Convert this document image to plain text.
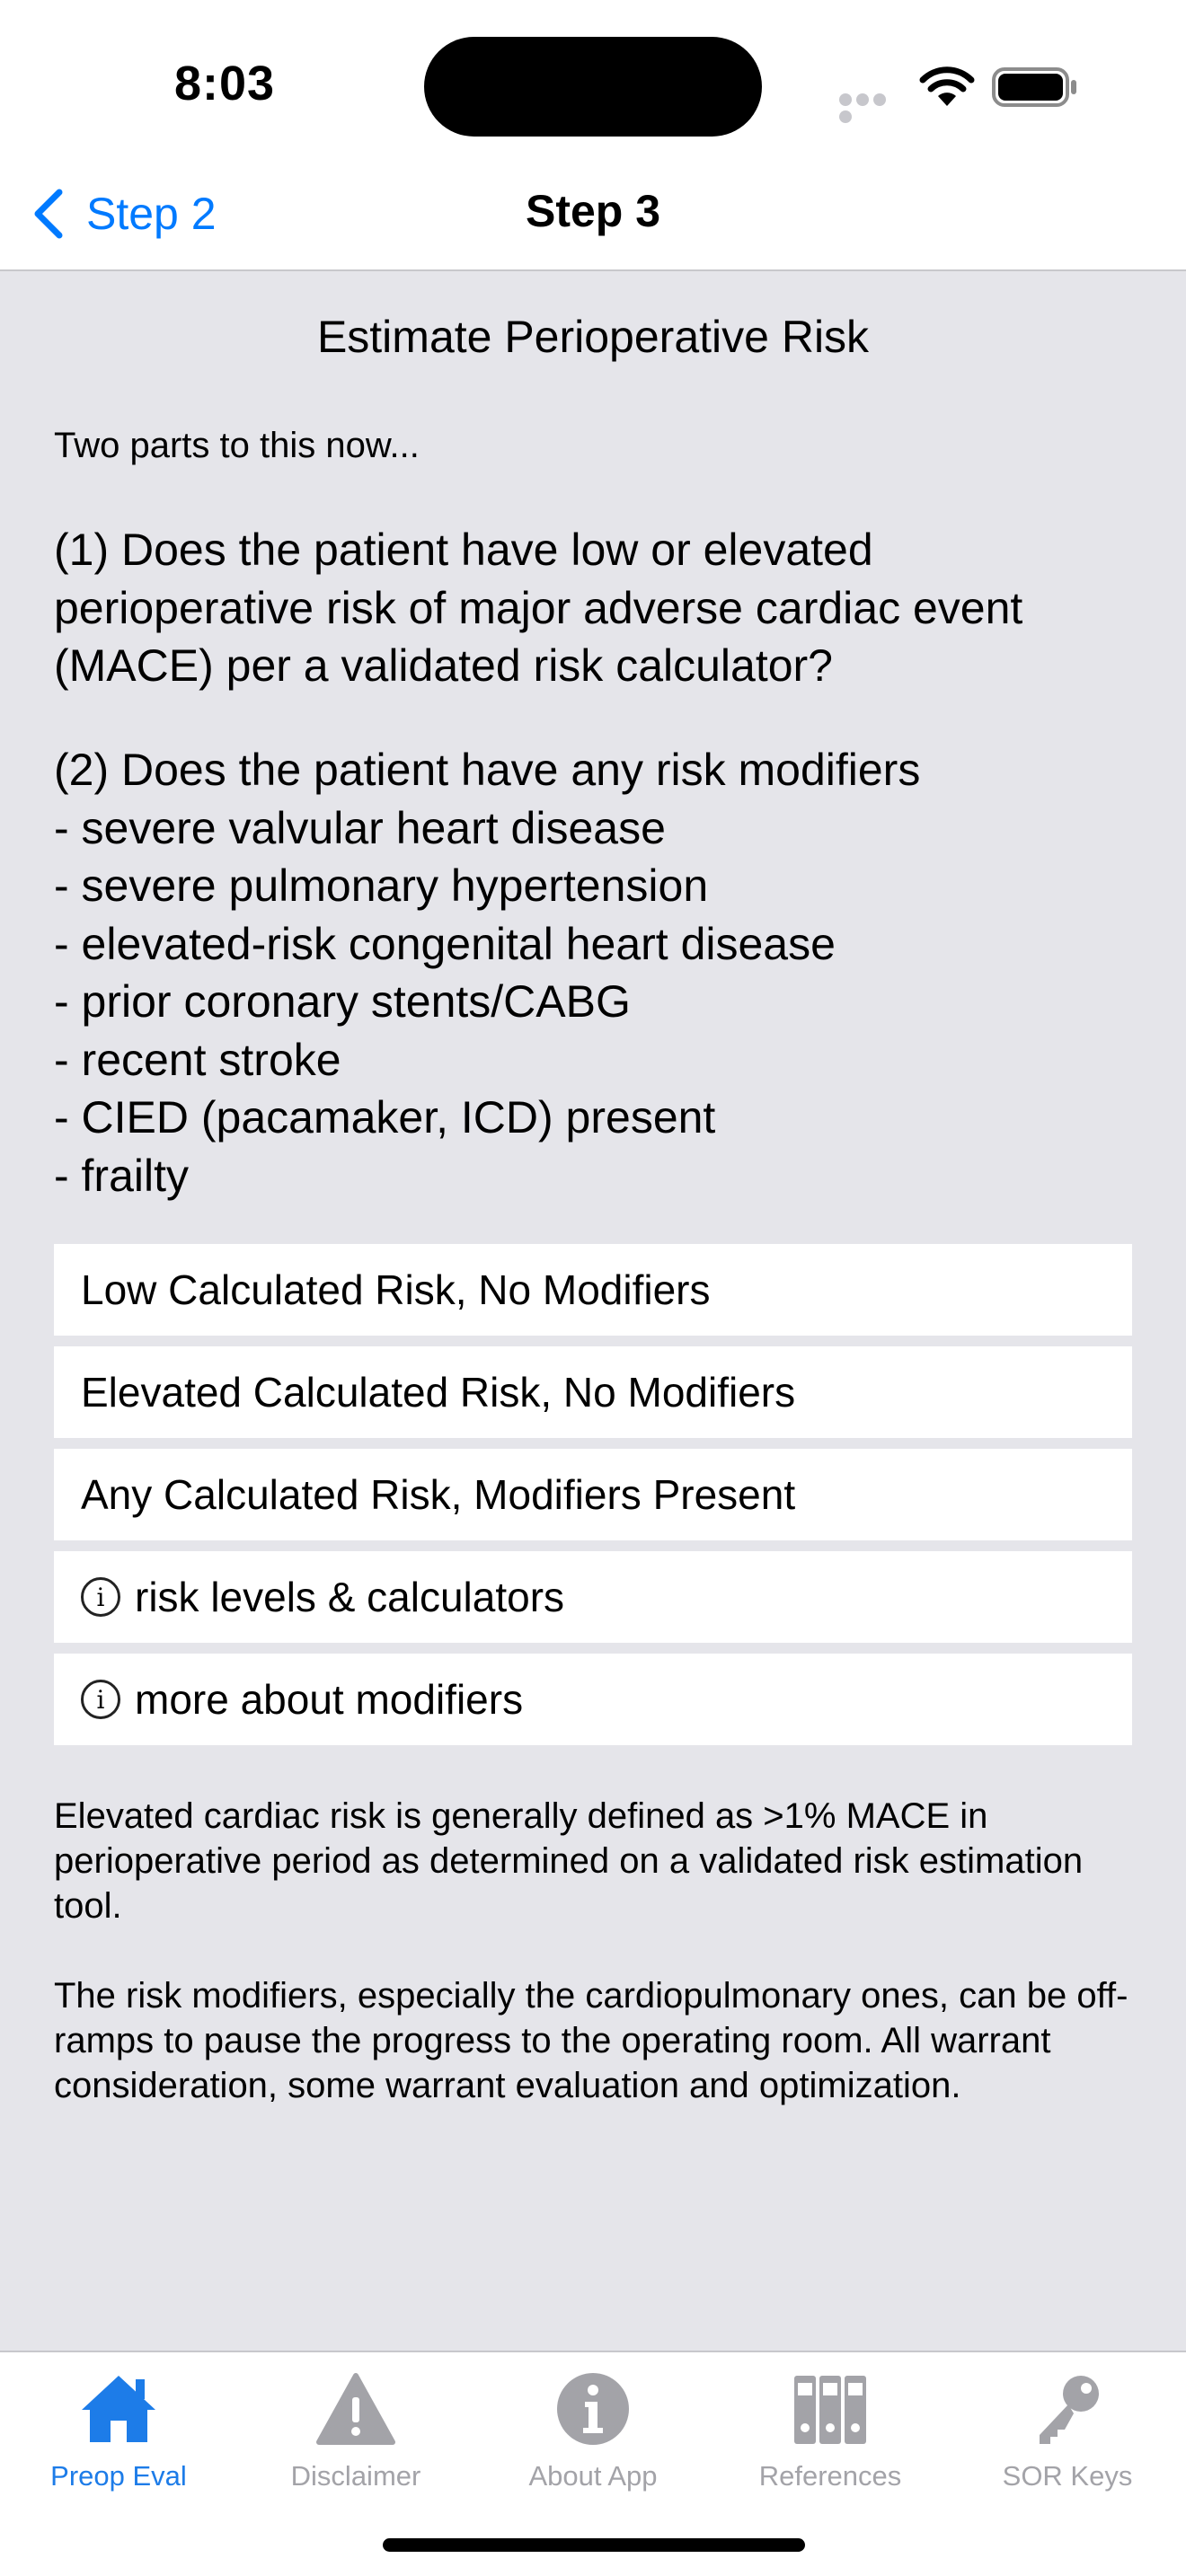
8:03
Step 2	Step 3
Estimate Perioperative Risk
Two parts to this now...
(1) Does the patient have low or elevated
perioperative risk of major adverse cardiac event
(MACE) per a validated risk calculator?
(2) Does the patient have any risk modifiers
- severe valvular heart disease
- severe pulmonary hypertension
- elevated-risk congenital heart disease
- prior coronary stents/CABG
- recent stroke
- CIED (pacamaker, ICD) present
- frailty
Low Calculated Risk, No Modifiers
Elevated Calculated Risk, No Modifiers
Any Calculated Risk, Modifiers Present
i risk levels & calculators
i more about modifiers
Elevated cardiac risk is generally defined as >1% MACE in perioperative period as determined on a validated risk estimation tool.
The risk modifiers, especially the cardiopulmonary ones, can be off-ramps to pause the progress to the operating room. All warrant consideration, some warrant evaluation and optimization.
Preop Eval	Disclaimer	About App	References	SOR Keys
